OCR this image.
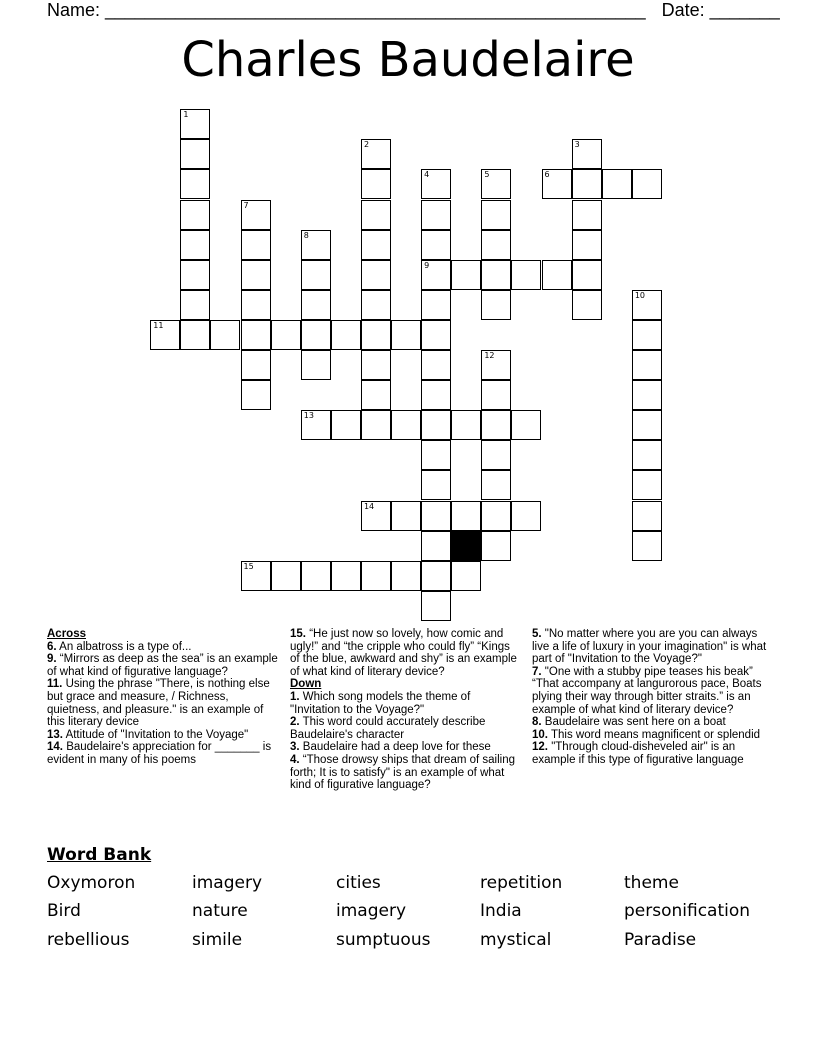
Name: ______________________________________________________ Date: _______
Charles Baudelaire
1
2	3
4
9
5	6
7
8
10
11
12
13
14
15
Across
6. An albatross is a type of...
9. “Mirrors as deep as the sea” is an example of what kind of figurative language?
11. Using the phrase "There, is nothing else but grace and measure, / Richness, quietness, and pleasure." is an example of this literary device
13. Attitude of "Invitation to the Voyage"
14. Baudelaire's appreciation for _______ is evident in many of his poems
15. “He just now so lovely, how comic and ugly!” and “the cripple who could fly” “Kings of the blue, awkward and shy” is an example of what kind of literary device?
Down
1. Which song models the theme of "Invitation to the Voyage?"
2. This word could accurately describe Baudelaire's character
3. Baudelaire had a deep love for these
4. “Those drowsy ships that dream of sailing forth; It is to satisfy" is an example of what kind of figurative language?
5. "No matter where you are you can always live a life of luxury in your imagination" is what part of "Invitation to the Voyage?"
7. "One with a stubby pipe teases his beak” “That accompany at langurorous pace, Boats plying their way through bitter straits.” is an example of what kind of literary device?
8. Baudelaire was sent here on a boat
10. This word means magnificent or splendid
12. "Through cloud-disheveled air" is an example if this type of figurative language
Word Bank
Oxymoron	imagery	cities	repetition	theme
Bird	nature	imagery	India	personification
rebellious	simile	sumptuous	mystical	Paradise
